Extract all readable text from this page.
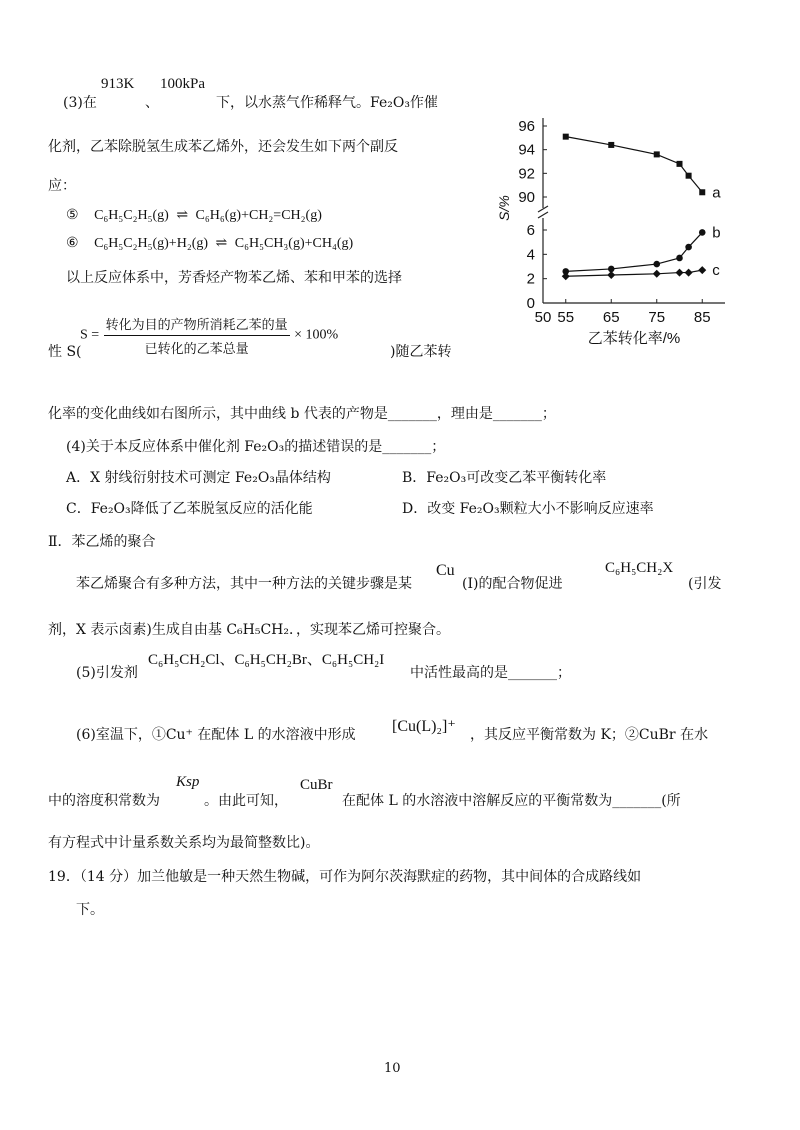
(3)在
913K
、
100kPa
下，以水蒸气作稀释气。Fe₂O₃作催
化剂，乙苯除脱氢生成苯乙烯外，还会发生如下两个副反
应：
⑤ C₆H₅C₂H₅(g) ⇌ C₆H₆(g)+CH₂=CH₂(g)
⑥ C₆H₅C₂H₅(g)+H₂(g) ⇌ C₆H₅CH₃(g)+CH₄(g)
以上反应体系中，芳香烃产物苯乙烯、苯和甲苯的选择
性 S(
$S = \frac{\text{转化为目的产物所消耗乙苯的量}}{\text{已转化的乙苯总量}} \times 100\%$
)随乙苯转
化率的变化曲线如右图所示，其中曲线 b 代表的产物是_______，理由是_______；
(4)关于本反应体系中催化剂 Fe₂O₃的描述错误的是_______；
A．X 射线衍射技术可测定 Fe₂O₃晶体结构	B．Fe₂O₃可改变乙苯平衡转化率
C．Fe₂O₃降低了乙苯脱氢反应的活化能	D．改变 Fe₂O₃颗粒大小不影响反应速率
Ⅱ．苯乙烯的聚合
苯乙烯聚合有多种方法，其中一种方法的关键步骤是某
Cu
(I)的配合物促进
C₆H₅CH₂X
(引发
剂，X 表示卤素)生成自由基 C₆H₅CH₂．，实现苯乙烯可控聚合。
(5)引发剂
C₆H₅CH₂Cl、C₆H₅CH₂Br、C₆H₅CH₂I
中活性最高的是_______；
(6)室温下，①Cu⁺ 在配体 L 的水溶液中形成 [Cu(L)₂]⁺ ，其反应平衡常数为 K；②CuBr 在水
中的溶度积常数为
Ksp
。由此可知，
CuBr
在配体 L 的水溶液中溶解反应的平衡常数为_______(所
有方程式中计量系数关系均为最简整数比)。
19．（14 分）加兰他敏是一种天然生物碱，可作为阿尔茨海默症的药物，其中间体的合成路线如
下。
10
96
94
92
90
6
4
2
0
50 55 65 75 85
乙苯转化率/%
S/%
a
b
c
